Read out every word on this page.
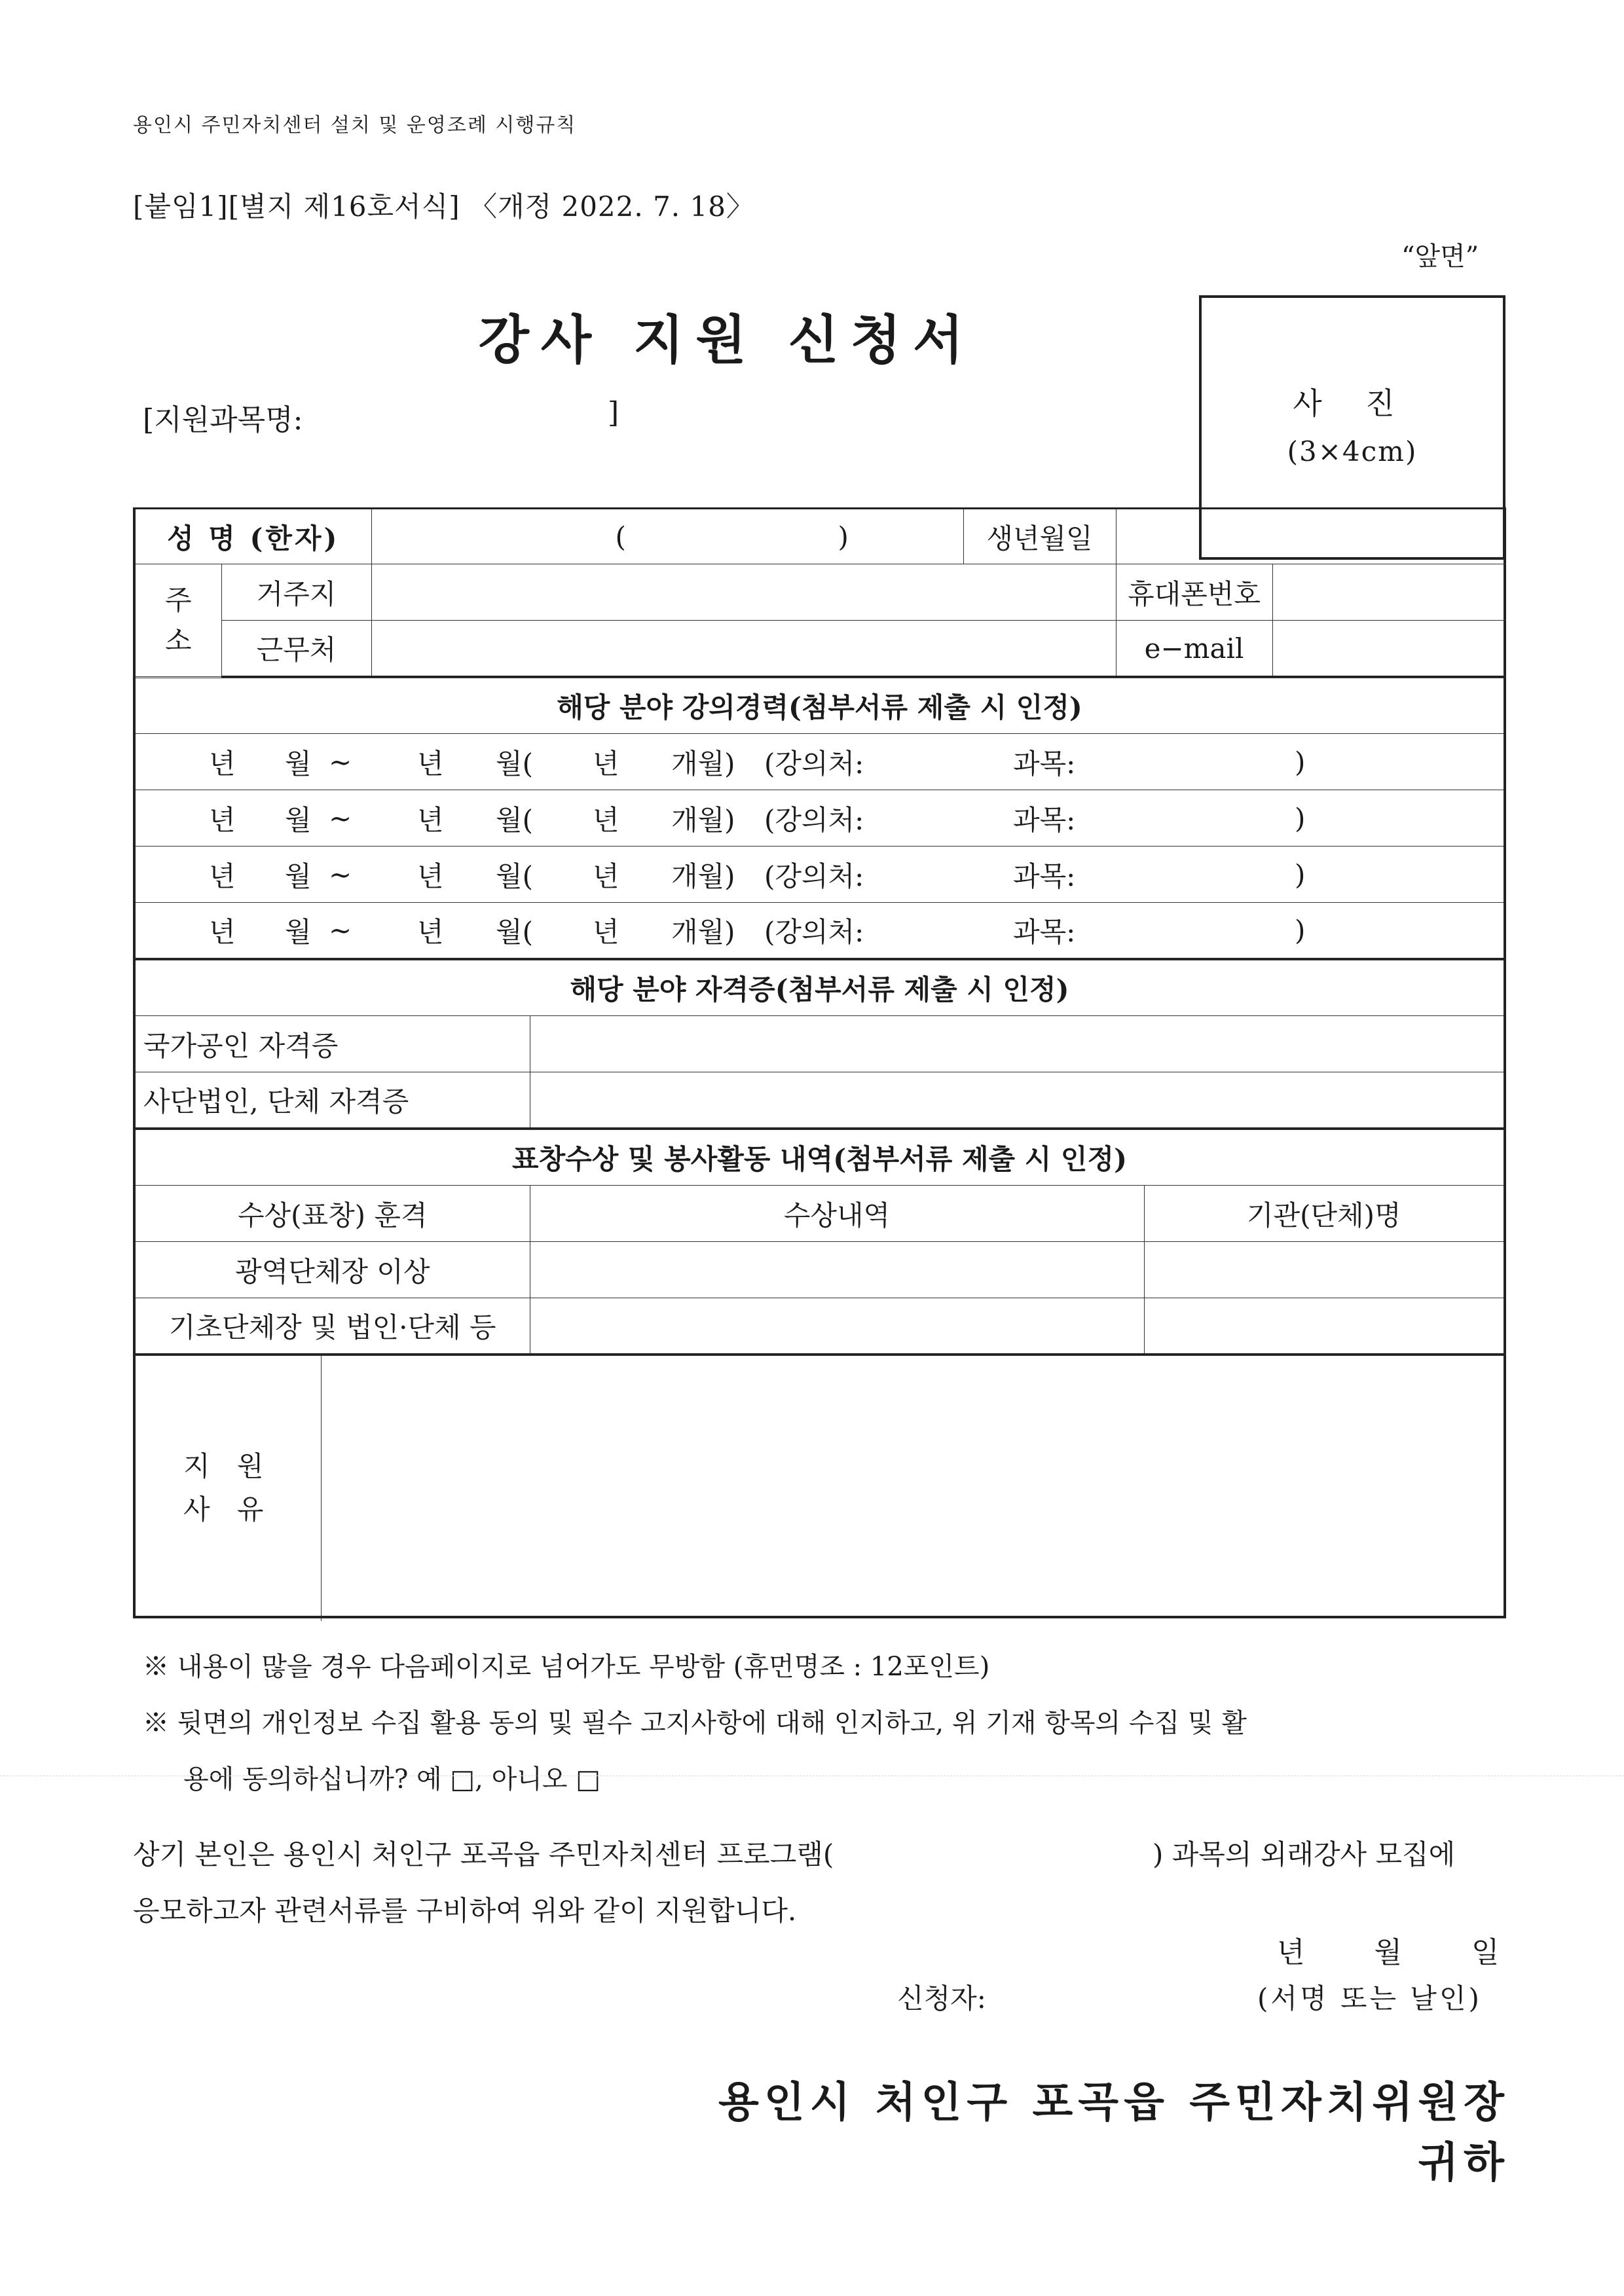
용인시 주민자치센터 설치 및 운영조례 시행규칙
[붙임1][별지 제16호서식] 〈개정 2022. 7. 18〉
“앞면”
강사 지원 신청서
[지원과목명:	]	사 진
(3×4cm)
성 명 (한자)		( )	생년월일		

주
소	거주지			휴대폰번호	
	근무처			e−mail	
해당 분야 강의경력(첨부서류 제출 시 인정)

년 월 ~ 년 월( 년 개월) (강의처:	과목:	)

년 월 ~ 년 월( 년 개월) (강의처:	과목:	)

년 월 ~ 년 월( 년 개월) (강의처:	과목:	)

년 월 ~ 년 월( 년 개월) (강의처:	과목:	)
해당 분야 자격증(첨부서류 제출 시 인정)	
국가공인 자격증	
사단법인, 단체 자격증	
표창수상 및 봉사활동 내역(첨부서류 제출 시 인정)		
수상(표창) 훈격	수상내역	기관(단체)명
광역단체장 이상		
기초단체장 및 법인·단체 등		
지 원
사 유

※ 내용이 많을 경우 다음페이지로 넘어가도 무방함 (휴먼명조 : 12포인트)
※ 뒷면의 개인정보 수집 활용 동의 및 필수 고지사항에 대해 인지하고, 위 기재 항목의 수집 및 활
용에 동의하십니까? 예 □, 아니오 □
상기 본인은 용인시 처인구 포곡읍 주민자치센터 프로그램(	) 과목의 외래강사 모집에
응모하고자 관련서류를 구비하여 위와 같이 지원합니다.
년 월 일
신청자:	(서명 또는 날인)
용인시 처인구 포곡읍 주민자치위원장 귀하
